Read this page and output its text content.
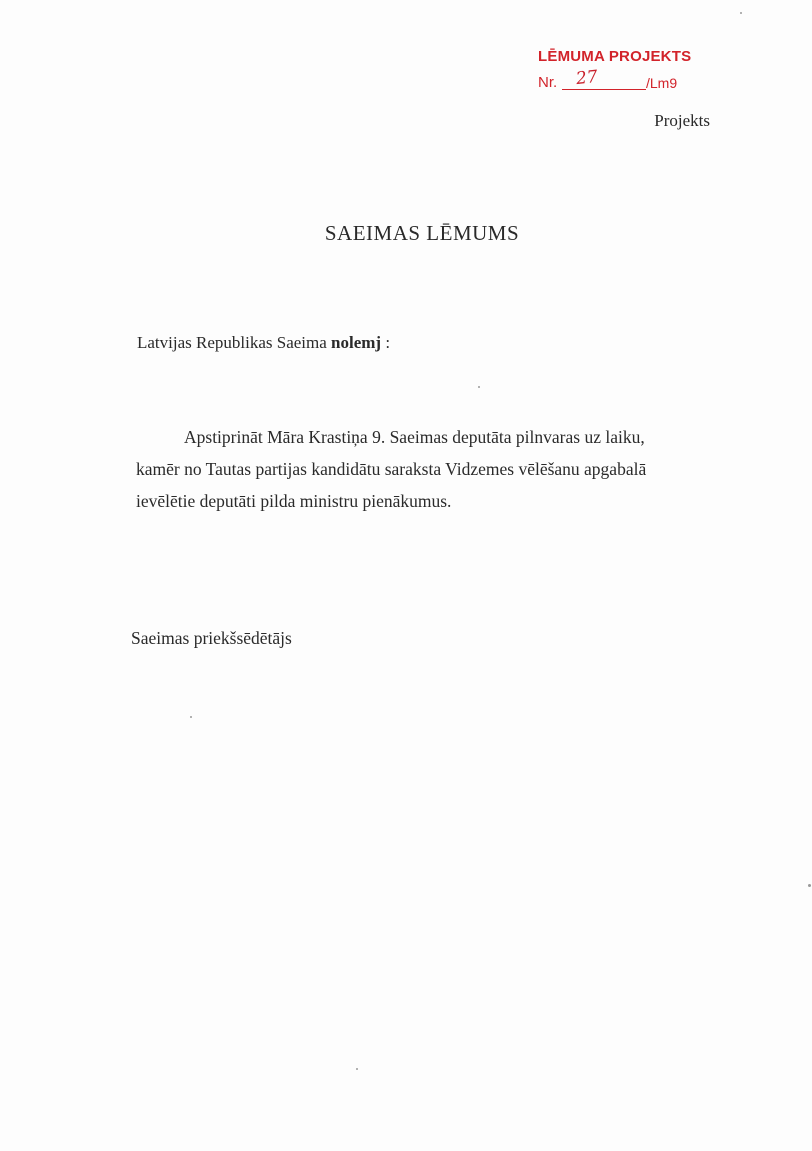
LĒMUMA PROJEKTS
Nr. 27	/Lm9
Projekts
SAEIMAS LĒMUMS
Latvijas Republikas Saeima nolemj :
Apstiprināt Māra Krastiņa 9. Saeimas deputāta pilnvaras uz laiku,
kamēr no Tautas partijas kandidātu saraksta Vidzemes vēlēšanu apgabalā
ievēlētie deputāti pilda ministru pienākumus.
Saeimas priekšsēdētājs
